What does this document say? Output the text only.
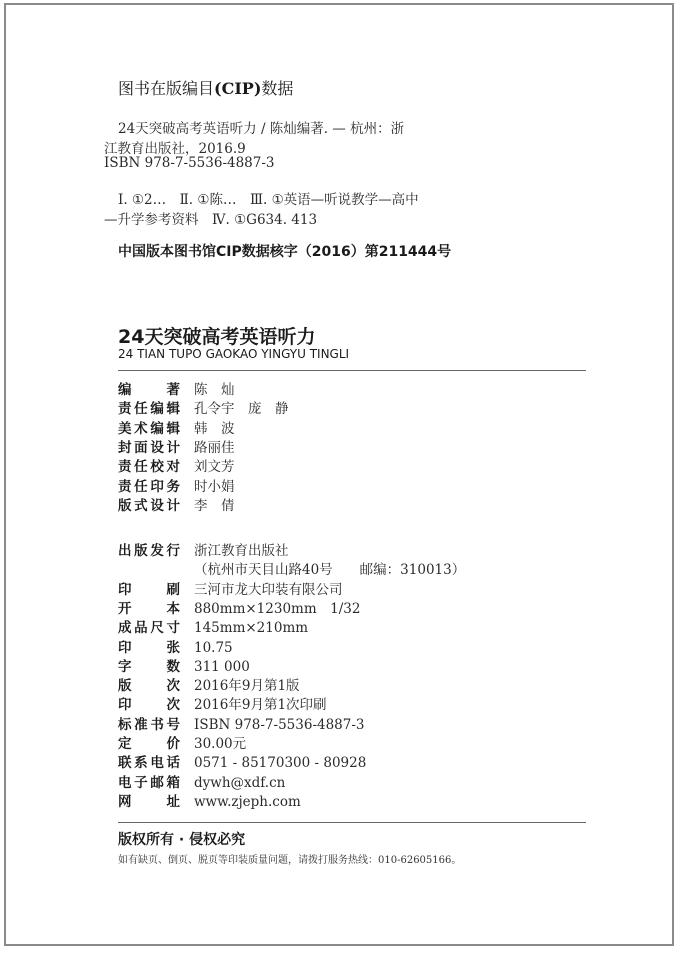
图书在版编目(CIP)数据
24天突破高考英语听力 / 陈灿编著. — 杭州：浙
江教育出版社，2016.9
ISBN 978-7-5536-4887-3
Ⅰ. ①2…　Ⅱ. ①陈…　Ⅲ. ①英语—听说教学—高中
—升学参考资料　Ⅳ. ①G634. 413
中国版本图书馆CIP数据核字（2016）第211444号
24天突破高考英语听力
24 TIAN TUPO GAOKAO YINGYU TINGLI
编	著 陈　灿
责 任 编 辑 孔令宇　庞　静
美 术 编 辑 韩　波
封 面 设 计 路丽佳
责 任 校 对 刘文芳
责 任 印 务 时小娟
版 式 设 计 李　倩
出 版 发 行 浙江教育出版社
（杭州市天目山路40号　　邮编：310013）
印	刷 三河市龙大印装有限公司
开	本 880mm×1230mm　1/32
成 品 尺 寸 145mm×210mm
印	张 10.75
字	数 311 000
版	次 2016年9月第1版
印	次 2016年9月第1次印刷
标 准 书 号 ISBN 978-7-5536-4887-3
定	价 30.00元
联 系 电 话 0571 - 85170300 - 80928
电 子 邮 箱 dywh@xdf.cn
网	址 www.zjeph.com
版权所有 · 侵权必究
如有缺页、倒页、脱页等印装质量问题，请拨打服务热线：010-62605166。
